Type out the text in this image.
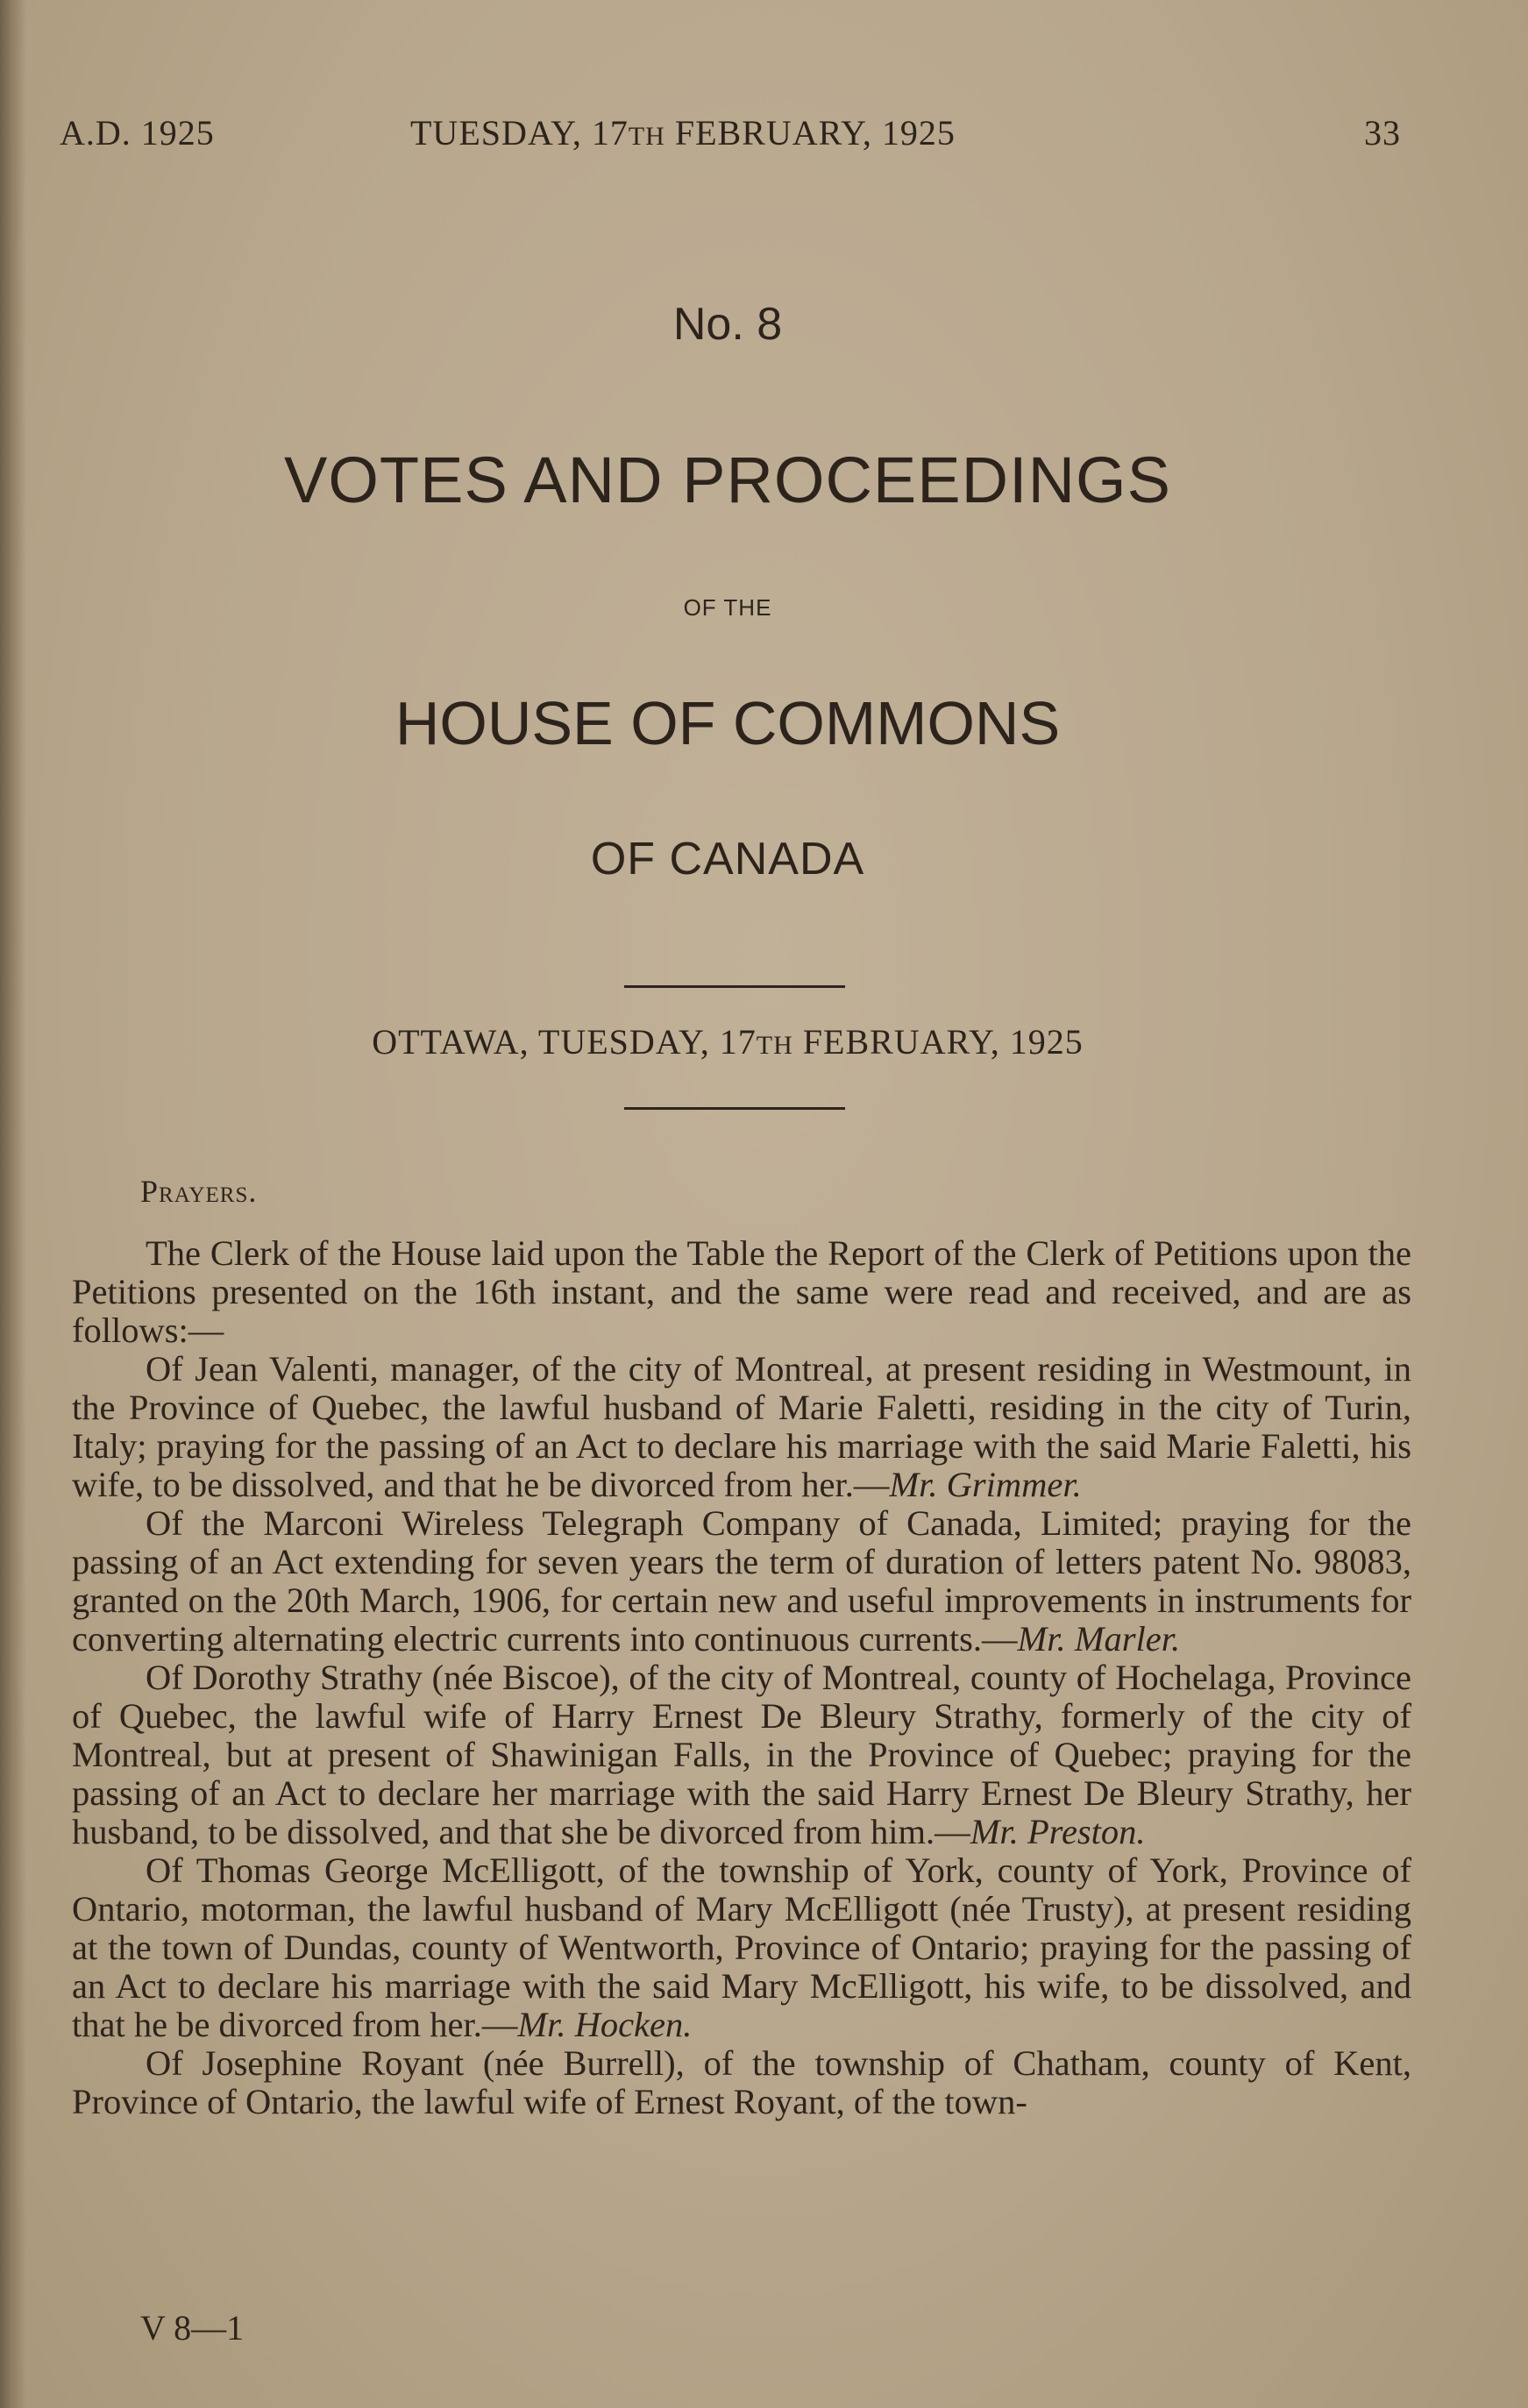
A.D. 1925	TUESDAY, 17TH FEBRUARY, 1925	33
No. 8
VOTES AND PROCEEDINGS
OF THE
HOUSE OF COMMONS
OF CANADA
OTTAWA, TUESDAY, 17TH FEBRUARY, 1925
Prayers.

The Clerk of the House laid upon the Table the Report of the Clerk of Petitions upon the Petitions presented on the 16th instant, and the same were read and received, and are as follows:—

Of Jean Valenti, manager, of the city of Montreal, at present residing in Westmount, in the Province of Quebec, the lawful husband of Marie Faletti, residing in the city of Turin, Italy; praying for the passing of an Act to declare his marriage with the said Marie Faletti, his wife, to be dissolved, and that he be divorced from her.—Mr. Grimmer.

Of the Marconi Wireless Telegraph Company of Canada, Limited; praying for the passing of an Act extending for seven years the term of duration of letters patent No. 98083, granted on the 20th March, 1906, for certain new and useful improvements in instruments for converting alternating electric currents into continuous currents.—Mr. Marler.

Of Dorothy Strathy (née Biscoe), of the city of Montreal, county of Hochelaga, Province of Quebec, the lawful wife of Harry Ernest De Bleury Strathy, formerly of the city of Montreal, but at present of Shawinigan Falls, in the Province of Quebec; praying for the passing of an Act to declare her marriage with the said Harry Ernest De Bleury Strathy, her husband, to be dissolved, and that she be divorced from him.—Mr. Preston.

Of Thomas George McElligott, of the township of York, county of York, Province of Ontario, motorman, the lawful husband of Mary McElligott (née Trusty), at present residing at the town of Dundas, county of Wentworth, Province of Ontario; praying for the passing of an Act to declare his marriage with the said Mary McElligott, his wife, to be dissolved, and that he be divorced from her.—Mr. Hocken.

Of Josephine Royant (née Burrell), of the township of Chatham, county of Kent, Province of Ontario, the lawful wife of Ernest Royant, of the town-

V 8—1
